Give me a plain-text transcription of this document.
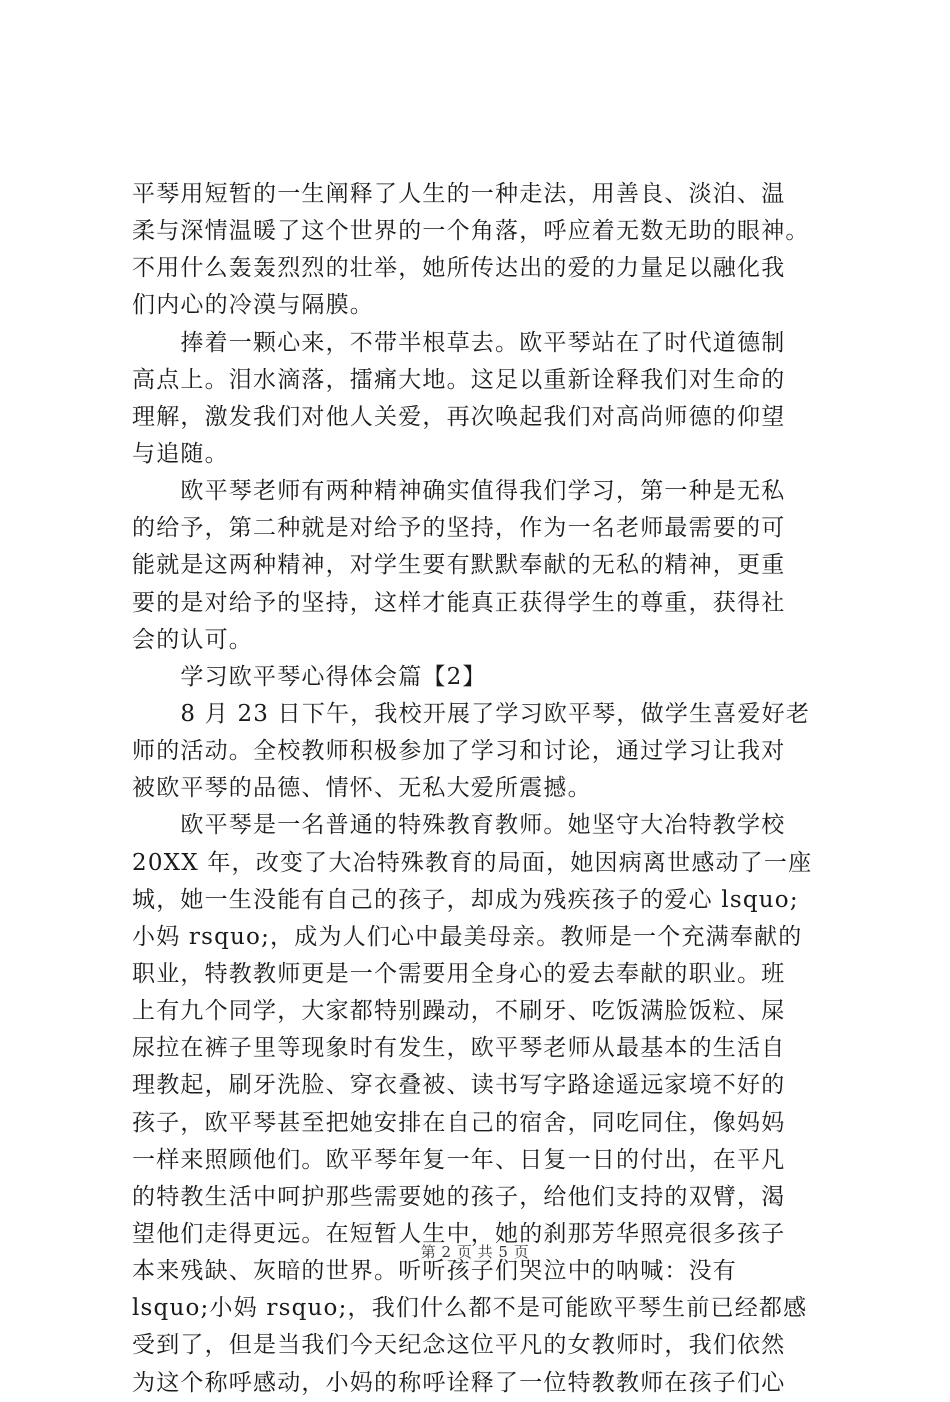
平琴用短暂的一生阐释了人生的一种走法，用善良、淡泊、温
柔与深情温暖了这个世界的一个角落，呼应着无数无助的眼神。
不用什么轰轰烈烈的壮举，她所传达出的爱的力量足以融化我
们内心的冷漠与隔膜。
　　捧着一颗心来，不带半根草去。欧平琴站在了时代道德制
高点上。泪水滴落，擂痛大地。这足以重新诠释我们对生命的
理解，激发我们对他人关爱，再次唤起我们对高尚师德的仰望
与追随。
　　欧平琴老师有两种精神确实值得我们学习，第一种是无私
的给予，第二种就是对给予的坚持，作为一名老师最需要的可
能就是这两种精神，对学生要有默默奉献的无私的精神，更重
要的是对给予的坚持，这样才能真正获得学生的尊重，获得社
会的认可。
　　学习欧平琴心得体会篇【2】
　　8 月 23 日下午，我校开展了学习欧平琴，做学生喜爱好老
师的活动。全校教师积极参加了学习和讨论，通过学习让我对
被欧平琴的品德、情怀、无私大爱所震撼。
　　欧平琴是一名普通的特殊教育教师。她坚守大冶特教学校
20XX 年，改变了大冶特殊教育的局面，她因病离世感动了一座
城，她一生没能有自己的孩子，却成为残疾孩子的爱心 lsquo;
小妈 rsquo;，成为人们心中最美母亲。教师是一个充满奉献的
职业，特教教师更是一个需要用全身心的爱去奉献的职业。班
上有九个同学，大家都特别躁动，不刷牙、吃饭满脸饭粒、屎
尿拉在裤子里等现象时有发生，欧平琴老师从最基本的生活自
理教起，刷牙洗脸、穿衣叠被、读书写字路途遥远家境不好的
孩子，欧平琴甚至把她安排在自己的宿舍，同吃同住，像妈妈
一样来照顾他们。欧平琴年复一年、日复一日的付出，在平凡
的特教生活中呵护那些需要她的孩子，给他们支持的双臂，渴
望他们走得更远。在短暂人生中，她的刹那芳华照亮很多孩子
本来残缺、灰暗的世界。听听孩子们哭泣中的呐喊：没有
lsquo;小妈 rsquo;，我们什么都不是可能欧平琴生前已经都感
受到了，但是当我们今天纪念这位平凡的女教师时，我们依然
为这个称呼感动，小妈的称呼诠释了一位特教教师在孩子们心
第 2 页 共 5 页
